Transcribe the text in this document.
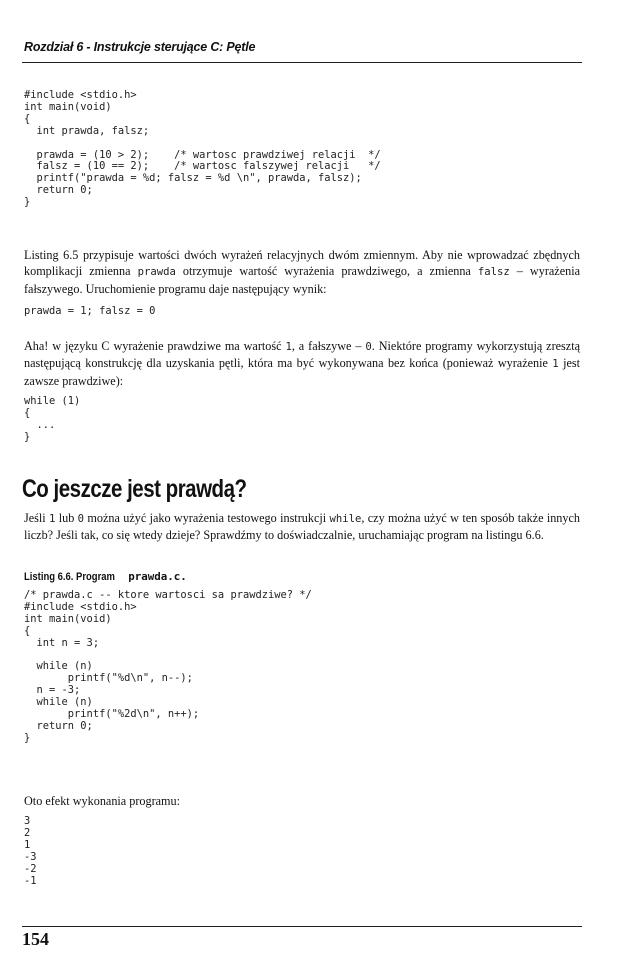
Rozdział 6 - Instrukcje sterujące C: Pętle
#include <stdio.h>
int main(void)
{
int prawda, falsz;

prawda = (10 > 2);    /* wartosc prawdziwej relacji  */
falsz = (10 == 2);    /* wartosc falszywej relacji   */
printf("prawda = %d; falsz = %d \n", prawda, falsz);
return 0;
}

Listing 6.5 przypisuje wartości dwóch wyrażeń relacyjnych dwóm zmiennym. Aby nie wprowadzać zbędnych komplikacji zmienna prawda otrzymuje wartość wyrażenia prawdziwego, a zmienna falsz – wyrażenia fałszywego. Uruchomienie programu daje następujący wynik:

prawda = 1; falsz = 0

Aha! w języku C wyrażenie prawdziwe ma wartość 1, a fałszywe – 0. Niektóre programy wykorzystują zresztą następującą konstrukcję dla uzyskania pętli, która ma być wykonywana bez końca (ponieważ wyrażenie 1 jest zawsze prawdziwe):

while (1)
{
...
}
Co jeszcze jest prawdą?

Jeśli 1 lub 0 można użyć jako wyrażenia testowego instrukcji while, czy można użyć w ten sposób także innych liczb? Jeśli tak, co się wtedy dzieje? Sprawdźmy to doświadczalnie, uruchamiając program na listingu 6.6.

Listing 6.6. Program prawda.c.

/* prawda.c -- ktore wartosci sa prawdziwe? */
#include <stdio.h>
int main(void)
{
int n = 3;

while (n)
printf("%d\n", n--);
n = -3;
while (n)
printf("%2d\n", n++);
return 0;
}

Oto efekt wykonania programu:

3
2
1
-3
-2
-1
154
